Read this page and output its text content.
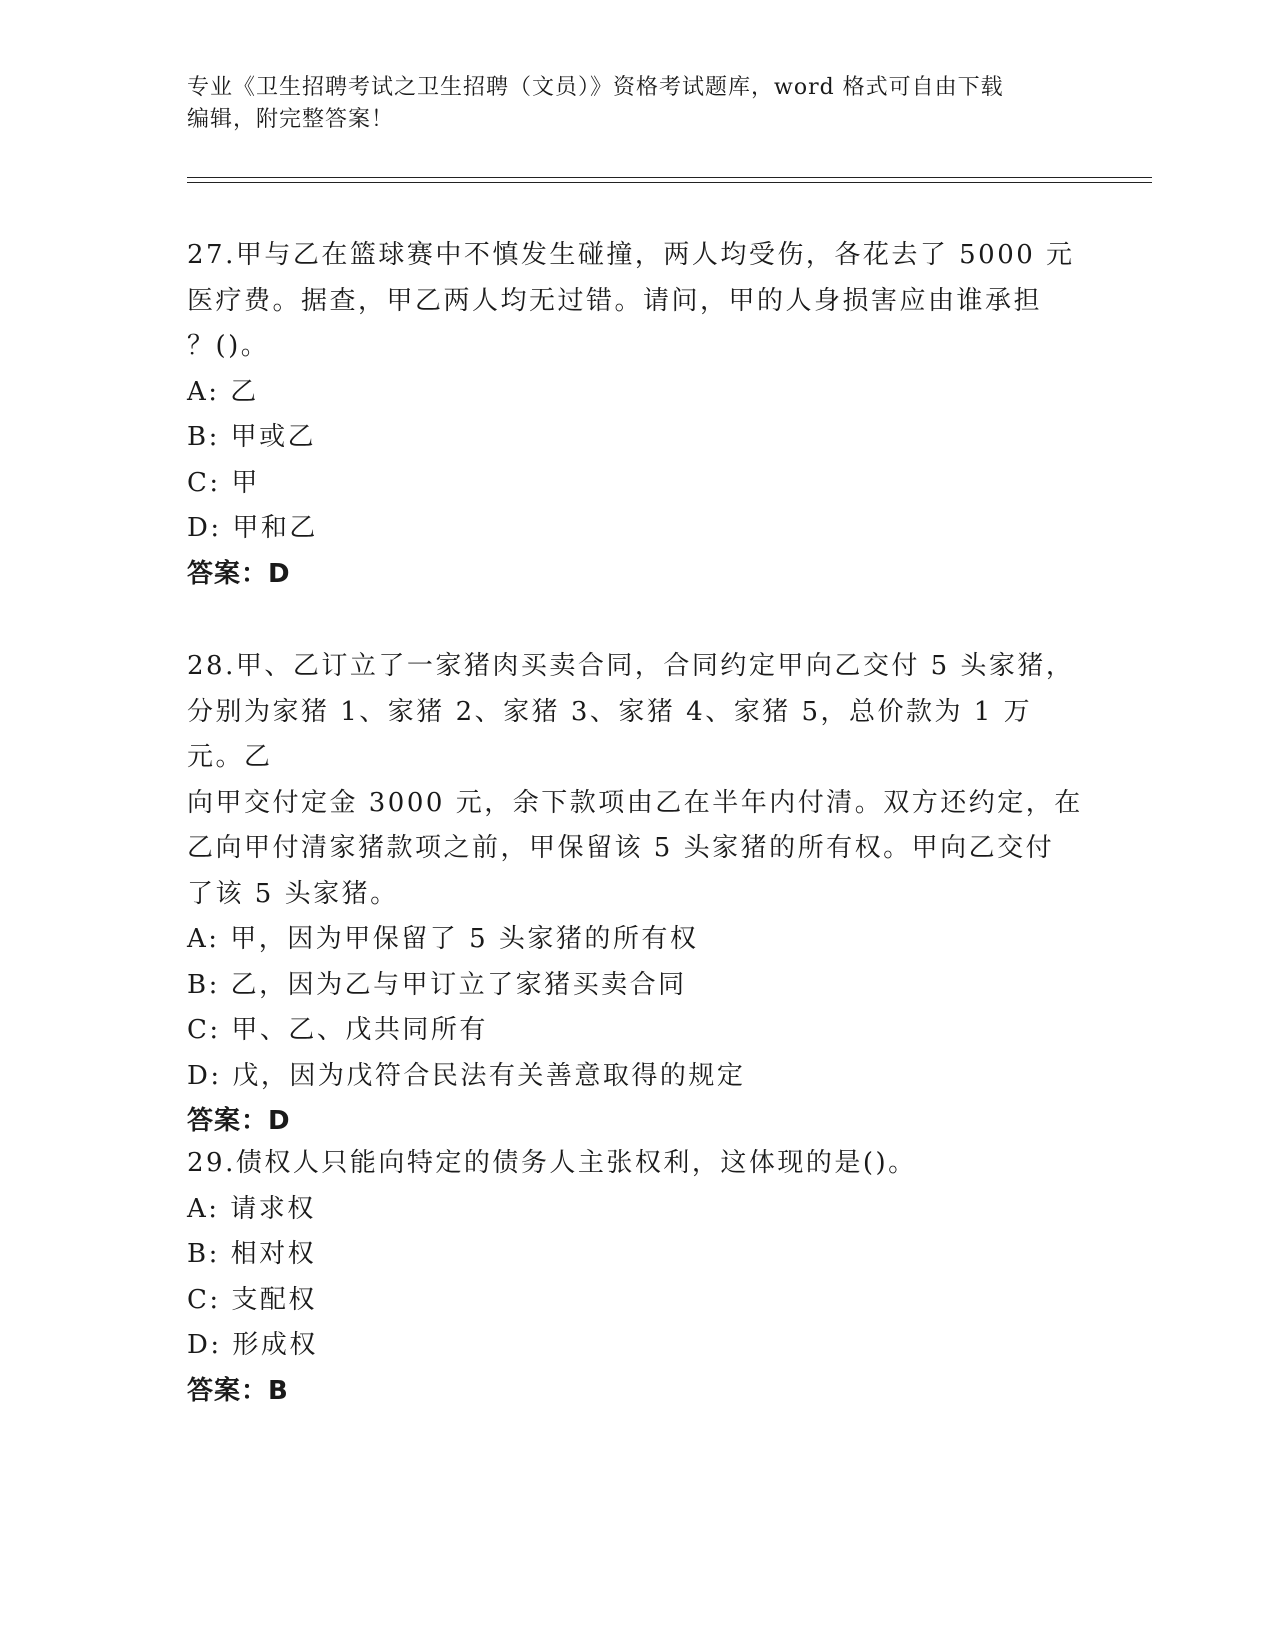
专业《卫生招聘考试之卫生招聘（文员）》资格考试题库，word 格式可自由下载
编辑，附完整答案！
27.甲与乙在篮球赛中不慎发生碰撞，两人均受伤，各花去了 5000 元
医疗费。据查，甲乙两人均无过错。请问，甲的人身损害应由谁承担
？()。
A: 乙
B: 甲或乙
C: 甲
D: 甲和乙
答案：D
28.甲、乙订立了一家猪肉买卖合同，合同约定甲向乙交付 5 头家猪，
分别为家猪 1、家猪 2、家猪 3、家猪 4、家猪 5，总价款为 1 万元。乙
向甲交付定金 3000 元，余下款项由乙在半年内付清。双方还约定，在
乙向甲付清家猪款项之前，甲保留该 5 头家猪的所有权。甲向乙交付
了该 5 头家猪。
A: 甲，因为甲保留了 5 头家猪的所有权
B: 乙，因为乙与甲订立了家猪买卖合同
C: 甲、乙、戊共同所有
D: 戊，因为戊符合民法有关善意取得的规定
答案：D
29.债权人只能向特定的债务人主张权利，这体现的是()。
A: 请求权
B: 相对权
C: 支配权
D: 形成权
答案：B
